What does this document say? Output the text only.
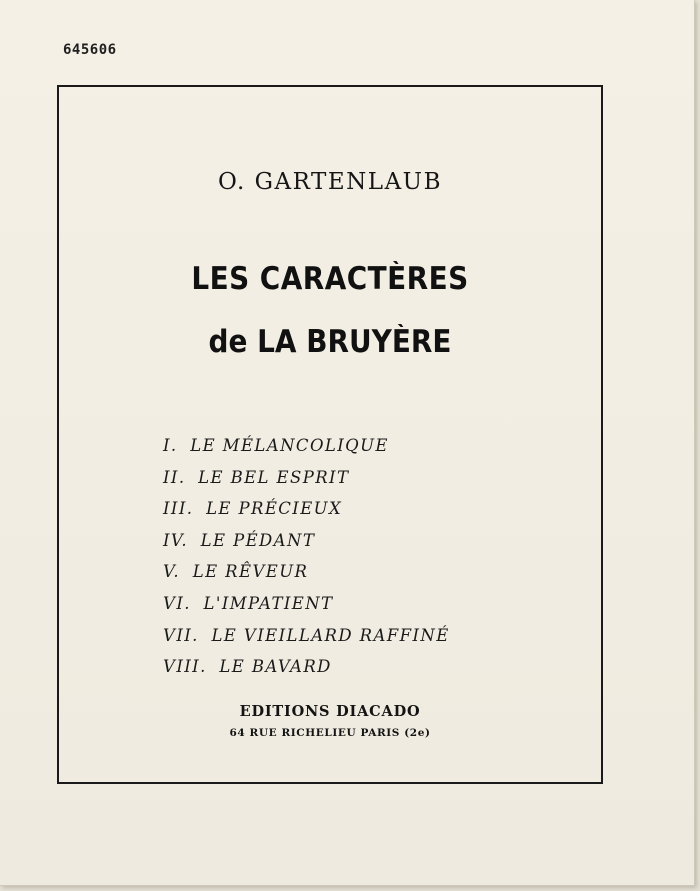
645606
O. GARTENLAUB
LES CARACTÈRES
de LA BRUYÈRE
I. LE MÉLANCOLIQUE
II. LE BEL ESPRIT
III. LE PRÉCIEUX
IV. LE PÉDANT
V. LE RÊVEUR
VI. L'IMPATIENT
VII. LE VIEILLARD RAFFINÉ
VIII. LE BAVARD
EDITIONS DIACADO
64 RUE RICHELIEU PARIS (2e)
